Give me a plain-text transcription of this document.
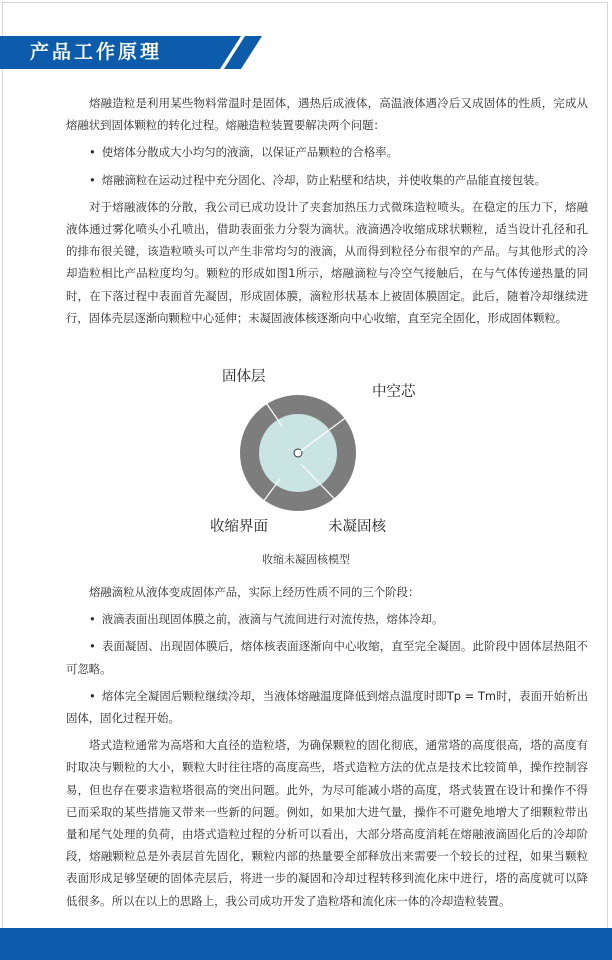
产品工作原理

熔融造粒是利用某些物料常温时是固体，遇热后成液体，高温液体遇冷后又成固体的性质，完成从熔融状到固体颗粒的转化过程。熔融造粒装置要解决两个问题：

• 使熔体分散成大小均匀的液滴，以保证产品颗粒的合格率。

• 熔融滴粒在运动过程中充分固化、冷却，防止粘壁和结块，并使收集的产品能直接包装。

对于熔融液体的分散，我公司已成功设计了夹套加热压力式微珠造粒喷头。在稳定的压力下，熔融液体通过雾化喷头小孔喷出，借助表面张力分裂为滴状。液滴遇冷收缩成球状颗粒，适当设计孔径和孔的排布很关键，该造粒喷头可以产生非常均匀的液滴，从而得到粒径分布很窄的产品。与其他形式的冷却造粒相比产品粒度均匀。颗粒的形成如图1所示，熔融滴粒与冷空气接触后，在与气体传递热量的同时，在下落过程中表面首先凝固，形成固体膜，滴粒形状基本上被固体膜固定。此后，随着冷却继续进行，固体壳层逐渐向颗粒中心延伸；未凝固液体核逐渐向中心收缩，直至完全固化，形成固体颗粒。

固体层
中空芯
收缩界面	未凝固核
收缩未凝固核模型

熔融滴粒从液体变成固体产品，实际上经历性质不同的三个阶段：

• 液滴表面出现固体膜之前，液滴与气流间进行对流传热，熔体冷却。

• 表面凝固、出现固体膜后，熔体核表面逐渐向中心收缩，直至完全凝固。此阶段中固体层热阻不可忽略。

• 熔体完全凝固后颗粒继续冷却，当液体熔融温度降低到熔点温度时即Tp = Tm时，表面开始析出固体，固化过程开始。

塔式造粒通常为高塔和大直径的造粒塔，为确保颗粒的固化彻底，通常塔的高度很高，塔的高度有时取决与颗粒的大小，颗粒大时往往塔的高度高些，塔式造粒方法的优点是技术比较简单，操作控制容易，但也存在要求造粒塔很高的突出问题。此外，为尽可能减小塔的高度，塔式装置在设计和操作不得已而采取的某些措施又带来一些新的问题。例如，如果加大进气量，操作不可避免地增大了细颗粒带出量和尾气处理的负荷，由塔式造粒过程的分析可以看出，大部分塔高度消耗在熔融液滴固化后的冷却阶段，熔融颗粒总是外表层首先固化，颗粒内部的热量要全部释放出来需要一个较长的过程，如果当颗粒表面形成足够坚硬的固体壳层后，将进一步的凝固和冷却过程转移到流化床中进行，塔的高度就可以降低很多。所以在以上的思路上，我公司成功开发了造粒塔和流化床一体的冷却造粒装置。
